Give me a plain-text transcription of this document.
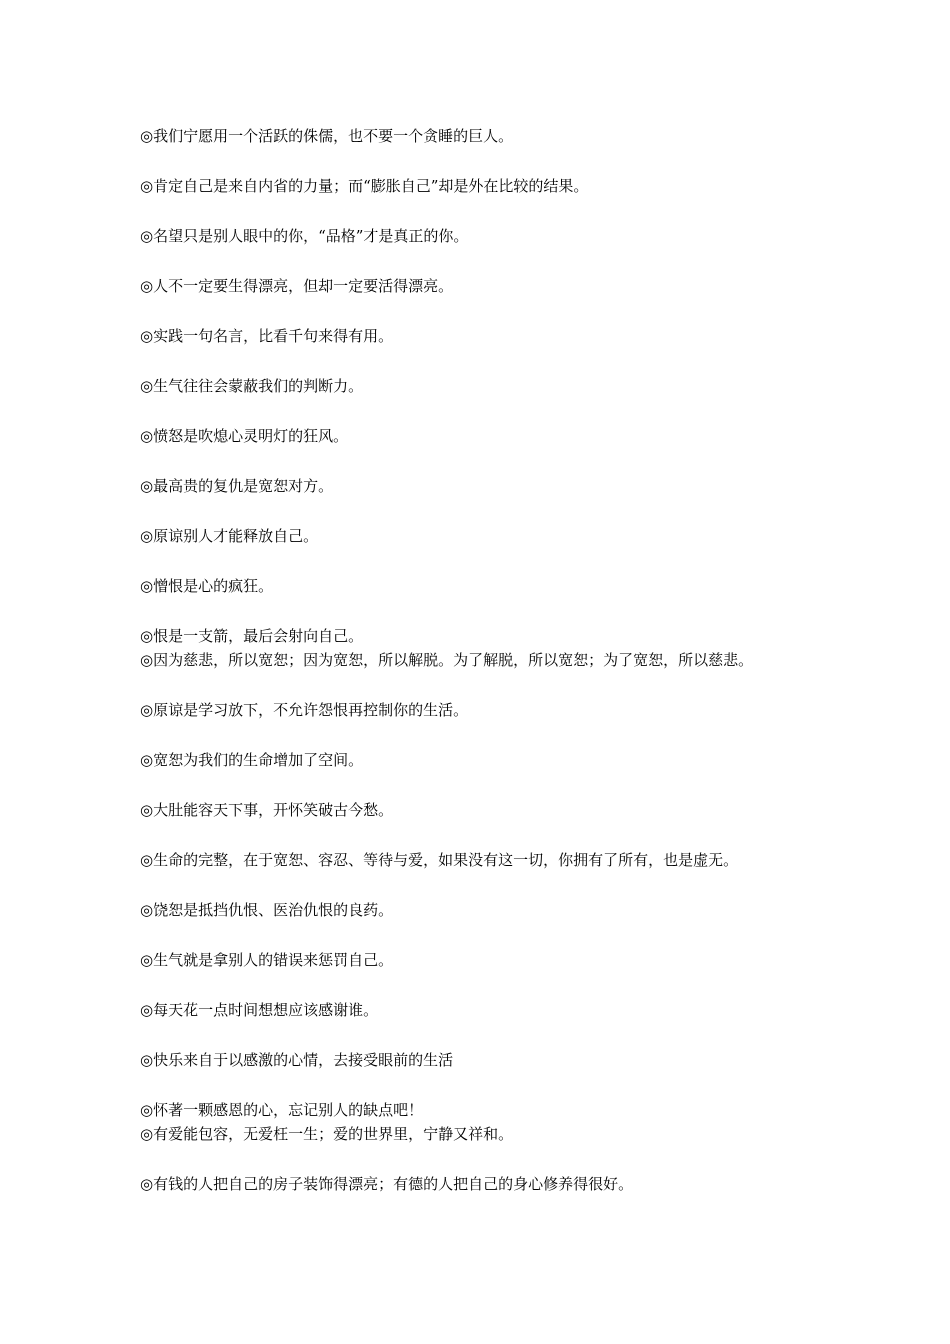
◎我们宁愿用一个活跃的侏儒，也不要一个贪睡的巨人。

◎肯定自己是来自内省的力量；而“膨胀自己”却是外在比较的结果。

◎名望只是别人眼中的你，“品格”才是真正的你。

◎人不一定要生得漂亮，但却一定要活得漂亮。

◎实践一句名言，比看千句来得有用。

◎生气往往会蒙蔽我们的判断力。

◎愤怒是吹熄心灵明灯的狂风。

◎最高贵的复仇是宽恕对方。

◎原谅别人才能释放自己。

◎憎恨是心的疯狂。

◎恨是一支箭，最后会射向自己。

◎因为慈悲，所以宽恕；因为宽恕，所以解脱。为了解脱，所以宽恕；为了宽恕，所以慈悲。

◎原谅是学习放下，不允许怨恨再控制你的生活。

◎宽恕为我们的生命增加了空间。

◎大肚能容天下事，开怀笑破古今愁。

◎生命的完整，在于宽恕、容忍、等待与爱，如果没有这一切，你拥有了所有，也是虚无。

◎饶恕是抵挡仇恨、医治仇恨的良药。

◎生气就是拿别人的错误来惩罚自己。

◎每天花一点时间想想应该感谢谁。

◎快乐来自于以感激的心情，去接受眼前的生活

◎怀著一颗感恩的心，忘记别人的缺点吧！

◎有爱能包容，无爱枉一生；爱的世界里，宁静又祥和。

◎有钱的人把自己的房子装饰得漂亮；有德的人把自己的身心修养得很好。
